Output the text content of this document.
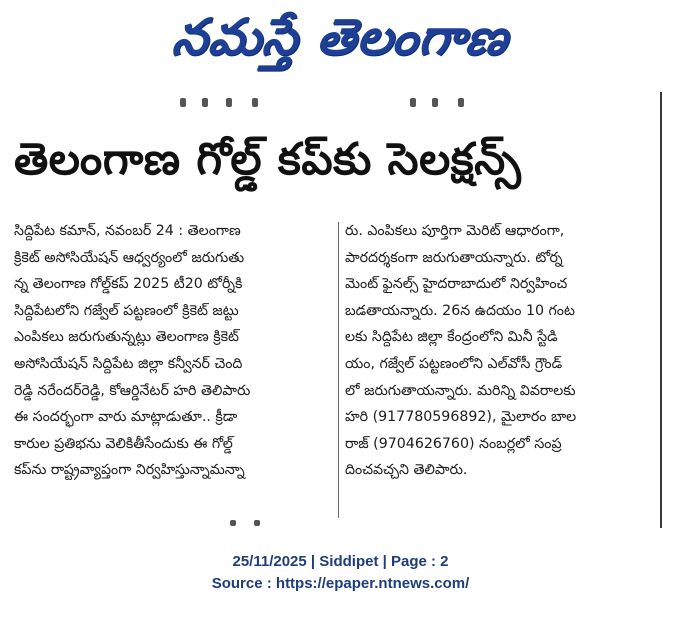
నమస్తే తెలంగాణ
తెలంగాణ గోల్డ్ కప్‌కు సెలక్షన్స్
సిద్దిపేట కమాన్, నవంబర్ 24 : తెలంగాణ
క్రికెట్ అసోసియేషన్ ఆధ్వర్యంలో జరుగుతు
న్న తెలంగాణ గోల్డ్‌కప్ 2025 టీ20 టోర్నీకి
సిద్దిపేటలోని గజ్వేల్ పట్టణంలో క్రికెట్ జట్టు
ఎంపికలు జరుగుతున్నట్లు తెలంగాణ క్రికెట్
అసోసియేషన్ సిద్దిపేట జిల్లా కన్వీనర్ చెంది
రెడ్డి నరేందర్‌రెడ్డి, కోఆర్డినేటర్ హరి తెలిపారు
ఈ సందర్భంగా వారు మాట్లాడుతూ.. క్రీడా
కారుల ప్రతిభను వెలికితీసేందుకు ఈ గోల్డ్
కప్‌ను రాష్ట్రవ్యాప్తంగా నిర్వహిస్తున్నామన్నా
రు. ఎంపికలు పూర్తిగా మెరిట్ ఆధారంగా,
పారదర్శకంగా జరుగుతాయన్నారు. టోర్న
మెంట్ ఫైనల్స్ హైదరాబాదులో నిర్వహించ
బడతాయన్నారు. 26న ఉదయం 10 గంట
లకు సిద్దిపేట జిల్లా కేంద్రంలోని మినీ స్టేడి
యం, గజ్వేల్ పట్టణంలోని ఎల్‌వోసీ గ్రౌండ్
లో జరుగుతాయన్నారు. మరిన్ని వివరాలకు
హరి (9177805968​92), మైలారం బాల
రాజ్ (9704626760) నంబర్లలో సంప్ర
దించవచ్చని తెలిపారు.
25/11/2025 | Siddipet | Page : 2
Source : https://epaper.ntnews.com/
